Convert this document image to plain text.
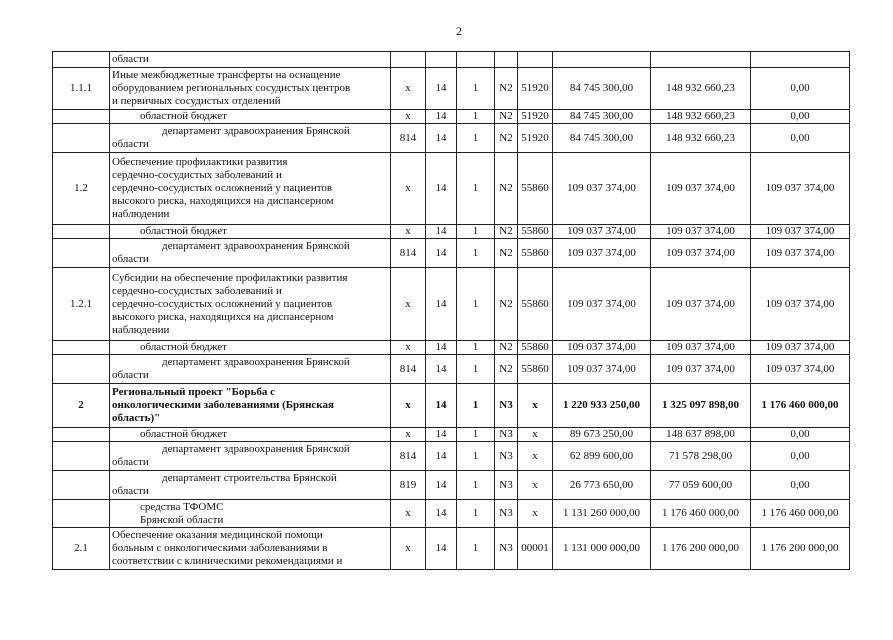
2

	области								

1.1.1	Иные межбюджетные трансферты на оснащение
оборудованием региональных сосудистых центров
и первичных сосудистых отделений	x	14	1	N2	51920	84 745 300,00	148 932 660,23	0,00

	областной бюджет	x	14	1	N2	51920	84 745 300,00	148 932 660,23	0,00

	департамент здравоохранения Брянской
области	814	14	1	N2	51920	84 745 300,00	148 932 660,23	0,00
1.2	Обеспечение профилактики развития
сердечно-сосудистых заболеваний и
сердечно-сосудистых осложнений у пациентов
высокого риска, находящихся на диспансерном
наблюдении	x	14	1	N2	55860	109 037 374,00	109 037 374,00	109 037 374,00

	областной бюджет	x	14	1	N2	55860	109 037 374,00	109 037 374,00	109 037 374,00

	департамент здравоохранения Брянской
области	814	14	1	N2	55860	109 037 374,00	109 037 374,00	109 037 374,00
1.2.1	Субсидии на обеспечение профилактики развития
сердечно-сосудистых заболеваний и
сердечно-сосудистых осложнений у пациентов
высокого риска, находящихся на диспансерном
наблюдении	x	14	1	N2	55860	109 037 374,00	109 037 374,00	109 037 374,00

	областной бюджет	x	14	1	N2	55860	109 037 374,00	109 037 374,00	109 037 374,00

	департамент здравоохранения Брянской
области	814	14	1	N2	55860	109 037 374,00	109 037 374,00	109 037 374,00
2	Региональный проект "Борьба с
онкологическими заболеваниями (Брянская
область)"	x	14	1	N3	x	1 220 933 250,00	1 325 097 898,00	1 176 460 000,00

	областной бюджет	x	14	1	N3	x	89 673 250,00	148 637 898,00	0,00

	департамент здравоохранения Брянской
области	814	14	1	N3	x	62 899 600,00	71 578 298,00	0,00

	департамент строительства Брянской
области	819	14	1	N3	x	26 773 650,00	77 059 600,00	0,00

	средства ТФОМС
Брянской области	x	14	1	N3	x	1 131 260 000,00	1 176 460 000,00	1 176 460 000,00
2.1	Обеспечение оказания медицинской помощи
больным с онкологическими заболеваниями в
соответствии с клиническими рекомендациями и	x	14	1	N3	00001	1 131 000 000,00	1 176 200 000,00	1 176 200 000,00
